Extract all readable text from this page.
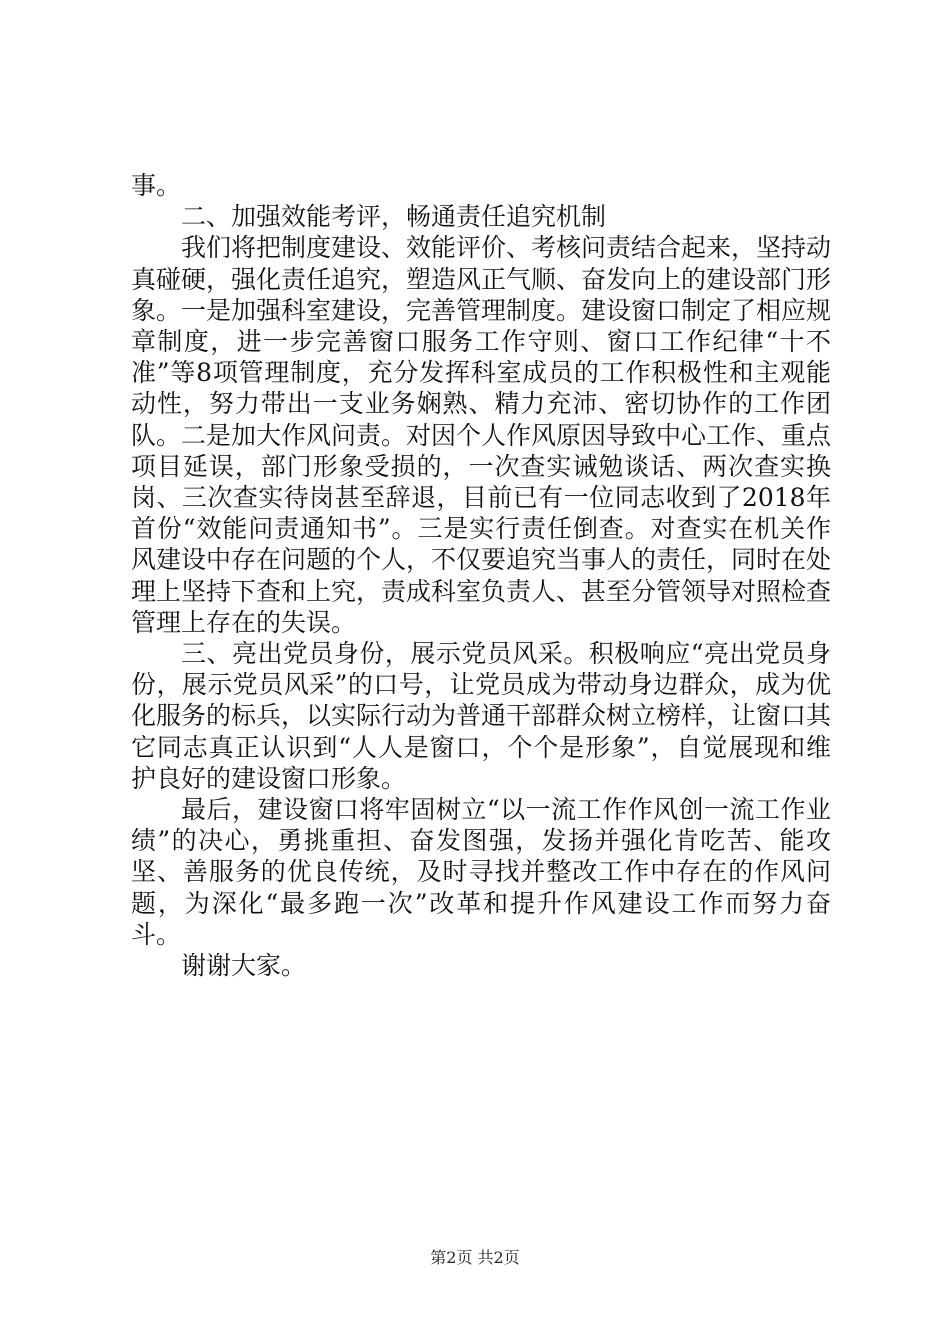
事。

二、加强效能考评，畅通责任追究机制

我们将把制度建设、效能评价、考核问责结合起来，坚持动真碰硬，强化责任追究，塑造风正气顺、奋发向上的建设部门形象。一是加强科室建设，完善管理制度。建设窗口制定了相应规章制度，进一步完善窗口服务工作守则、窗口工作纪律“十不准”等8项管理制度，充分发挥科室成员的工作积极性和主观能动性，努力带出一支业务娴熟、精力充沛、密切协作的工作团队。二是加大作风问责。对因个人作风原因导致中心工作、重点项目延误，部门形象受损的，一次查实诫勉谈话、两次查实换岗、三次查实待岗甚至辞退，目前已有一位同志收到了2018年首份“效能问责通知书”。三是实行责任倒查。对查实在机关作风建设中存在问题的个人，不仅要追究当事人的责任，同时在处理上坚持下查和上究，责成科室负责人、甚至分管领导对照检查管理上存在的失误。

三、亮出党员身份，展示党员风采。积极响应“亮出党员身份，展示党员风采”的口号，让党员成为带动身边群众，成为优化服务的标兵，以实际行动为普通干部群众树立榜样，让窗口其它同志真正认识到“人人是窗口，个个是形象”，自觉展现和维护良好的建设窗口形象。

最后，建设窗口将牢固树立“以一流工作作风创一流工作业绩”的决心，勇挑重担、奋发图强，发扬并强化肯吃苦、能攻坚、善服务的优良传统，及时寻找并整改工作中存在的作风问题，为深化“最多跑一次”改革和提升作风建设工作而努力奋斗。

谢谢大家。

第2页 共2页
